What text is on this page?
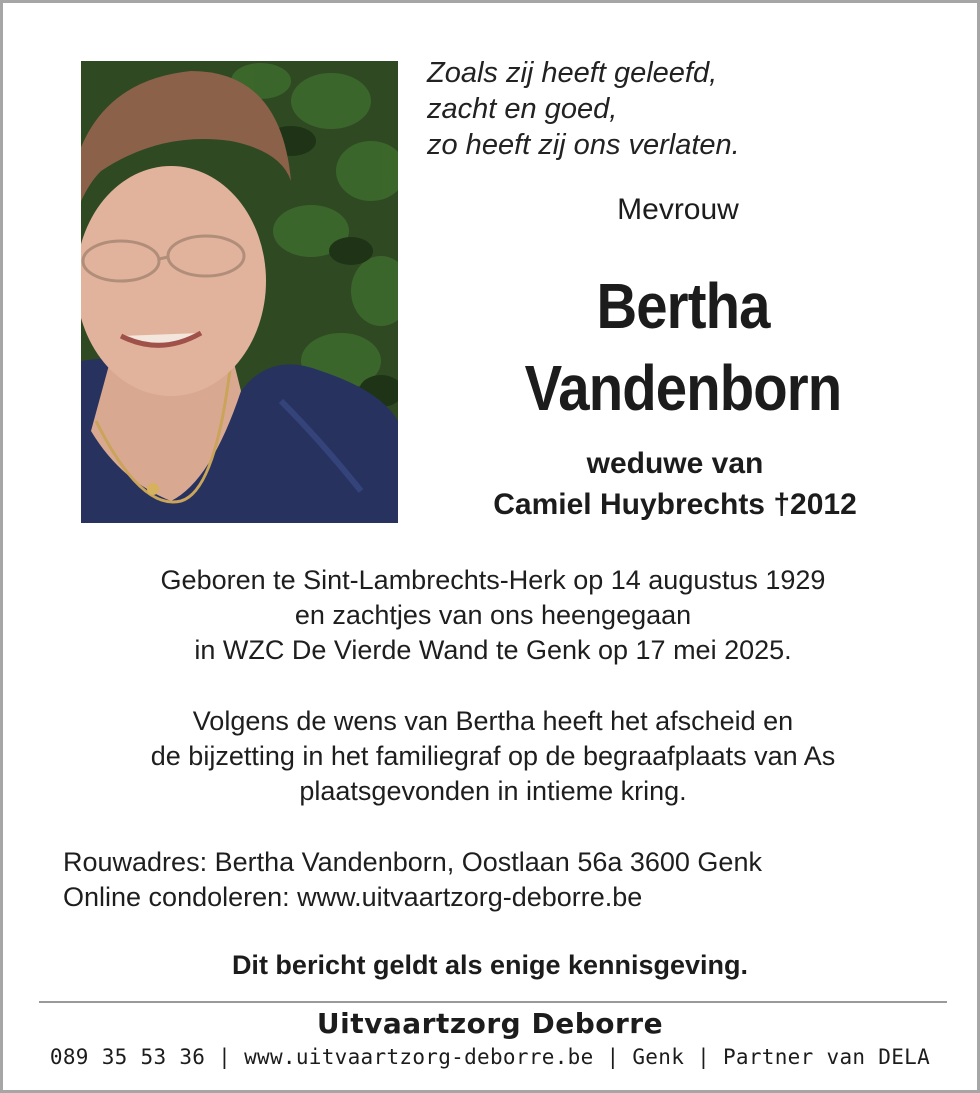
Zoals zij heeft geleefd,
zacht en goed,
zo heeft zij ons verlaten.
Mevrouw
Bertha
Vandenborn
weduwe van
Camiel Huybrechts †2012
Geboren te Sint-Lambrechts-Herk op 14 augustus 1929
en zachtjes van ons heengegaan
in WZC De Vierde Wand te Genk op 17 mei 2025.
Volgens de wens van Bertha heeft het afscheid en
de bijzetting in het familiegraf op de begraafplaats van As
plaatsgevonden in intieme kring.
Rouwadres: Bertha Vandenborn, Oostlaan 56a 3600 Genk
Online condoleren: www.uitvaartzorg-deborre.be
Dit bericht geldt als enige kennisgeving.
Uitvaartzorg Deborre
089 35 53 36 | www.uitvaartzorg-deborre.be | Genk | Partner van DELA
